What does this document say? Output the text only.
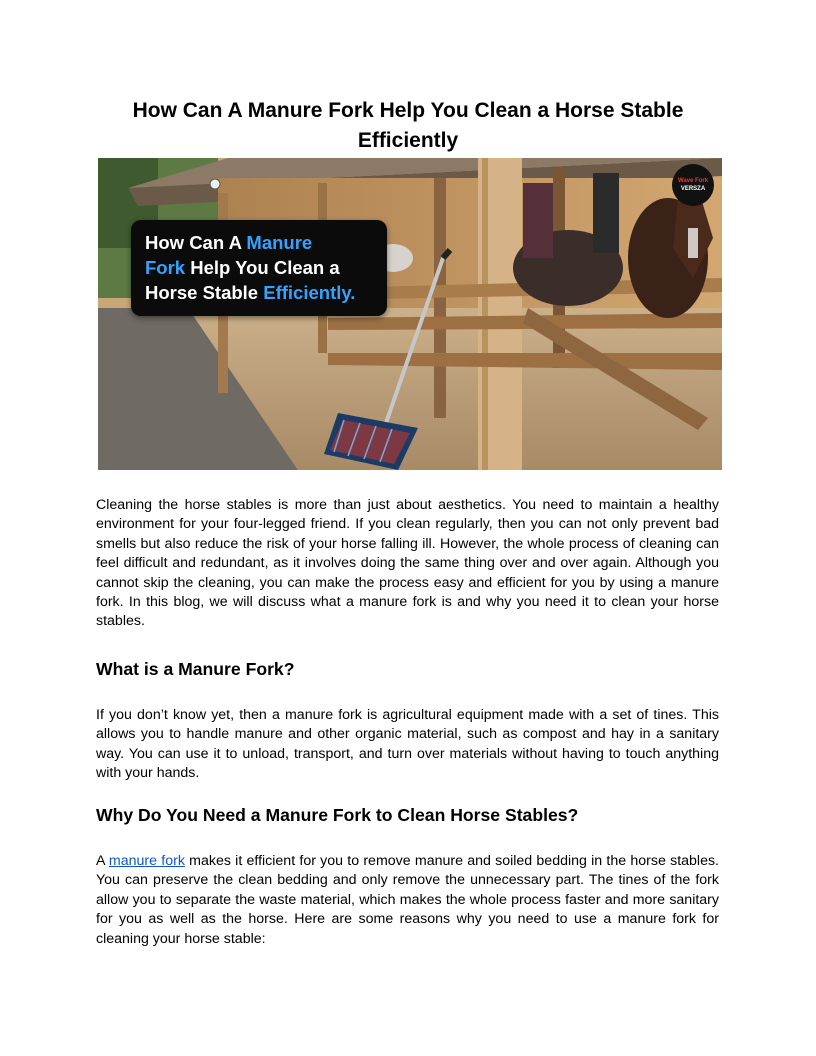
How Can A Manure Fork Help You Clean a Horse Stable Efficiently
How Can A Manure
Fork Help You Clean a
Horse Stable Efficiently.
Wave Fork
VERSZA

Cleaning the horse stables is more than just about aesthetics. You need to maintain a healthy environment for your four-legged friend. If you clean regularly, then you can not only prevent bad smells but also reduce the risk of your horse falling ill. However, the whole process of cleaning can feel difficult and redundant, as it involves doing the same thing over and over again. Although you cannot skip the cleaning, you can make the process easy and efficient for you by using a manure fork. In this blog, we will discuss what a manure fork is and why you need it to clean your horse stables.

What is a Manure Fork?

If you don’t know yet, then a manure fork is agricultural equipment made with a set of tines. This allows you to handle manure and other organic material, such as compost and hay in a sanitary way. You can use it to unload, transport, and turn over materials without having to touch anything with your hands.

Why Do You Need a Manure Fork to Clean Horse Stables?

A manure fork makes it efficient for you to remove manure and soiled bedding in the horse stables. You can preserve the clean bedding and only remove the unnecessary part. The tines of the fork allow you to separate the waste material, which makes the whole process faster and more sanitary for you as well as the horse. Here are some reasons why you need to use a manure fork for cleaning your horse stable:
